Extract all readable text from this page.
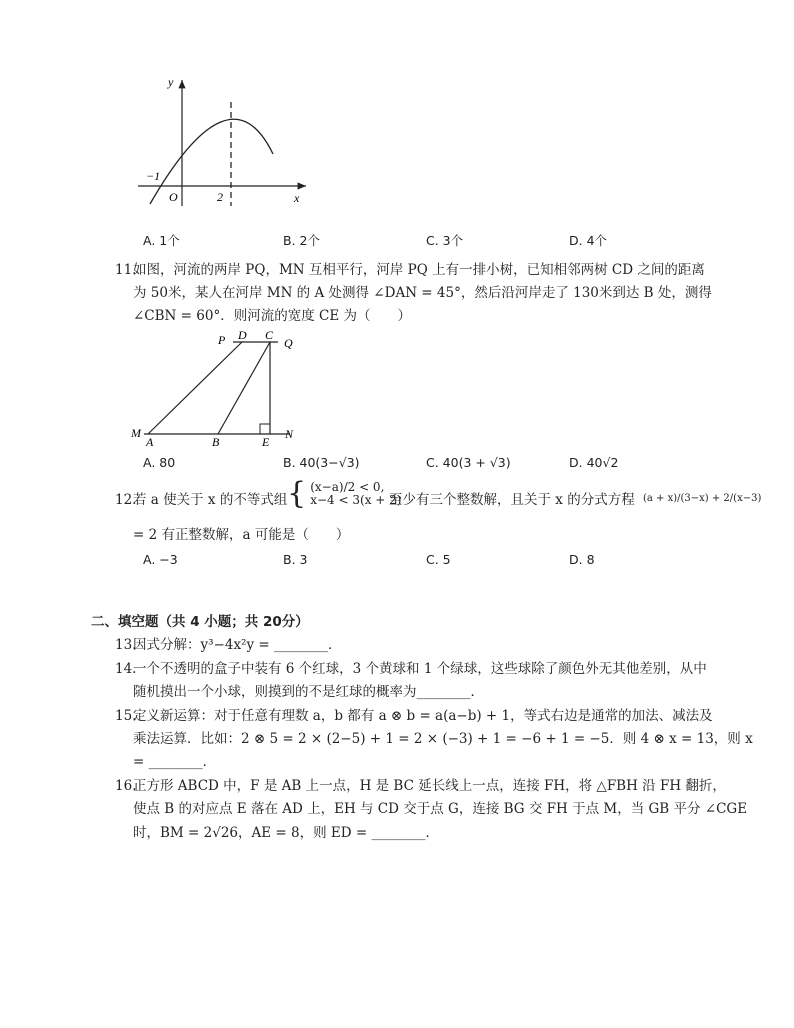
y
x
O
−1
2
A. 1个	B. 2个	C. 3个	D. 4个
11.
如图，河流的两岸 PQ，MN 互相平行，河岸 PQ 上有一排小树，已知相邻两树 CD 之间的距离
为 50米，某人在河岸 MN 的 A 处测得 ∠DAN = 45°，然后沿河岸走了 130米到达 B 处，测得
∠CBN = 60°．则河流的宽度 CE 为（　　）
P D C
Q
M
A	B	E
N
A. 80	B. 40(3−√3)	C. 40(3 + √3)	D. 40√2
12.
若 a 使关于 x 的不等式组 { (x−a)/2 < 0,
x−4 < 3(x + 2)
至少有三个整数解，且关于 x 的分式方程 (a + x)/(3−x) + 2/(x−3)
= 2 有正整数解，a 可能是（　　）
A. −3	B. 3	C. 5	D. 8
二、填空题（共 4 小题；共 20分）
13.
因式分解：y³−4x²y = ________．
14.
一个不透明的盒子中装有 6 个红球，3 个黄球和 1 个绿球，这些球除了颜色外无其他差别，从中
随机摸出一个小球，则摸到的不是红球的概率为________．
15.
定义新运算：对于任意有理数 a，b 都有 a ⊗ b = a(a−b) + 1，等式右边是通常的加法、减法及
乘法运算．比如：2 ⊗ 5 = 2 × (2−5) + 1 = 2 × (−3) + 1 = −6 + 1 = −5．则 4 ⊗ x = 13，则 x
= ________．
16.
正方形 ABCD 中，F 是 AB 上一点，H 是 BC 延长线上一点，连接 FH，将 △FBH 沿 FH 翻折，
使点 B 的对应点 E 落在 AD 上，EH 与 CD 交于点 G，连接 BG 交 FH 于点 M，当 GB 平分 ∠CGE
时，BM = 2√26，AE = 8，则 ED = ________．
